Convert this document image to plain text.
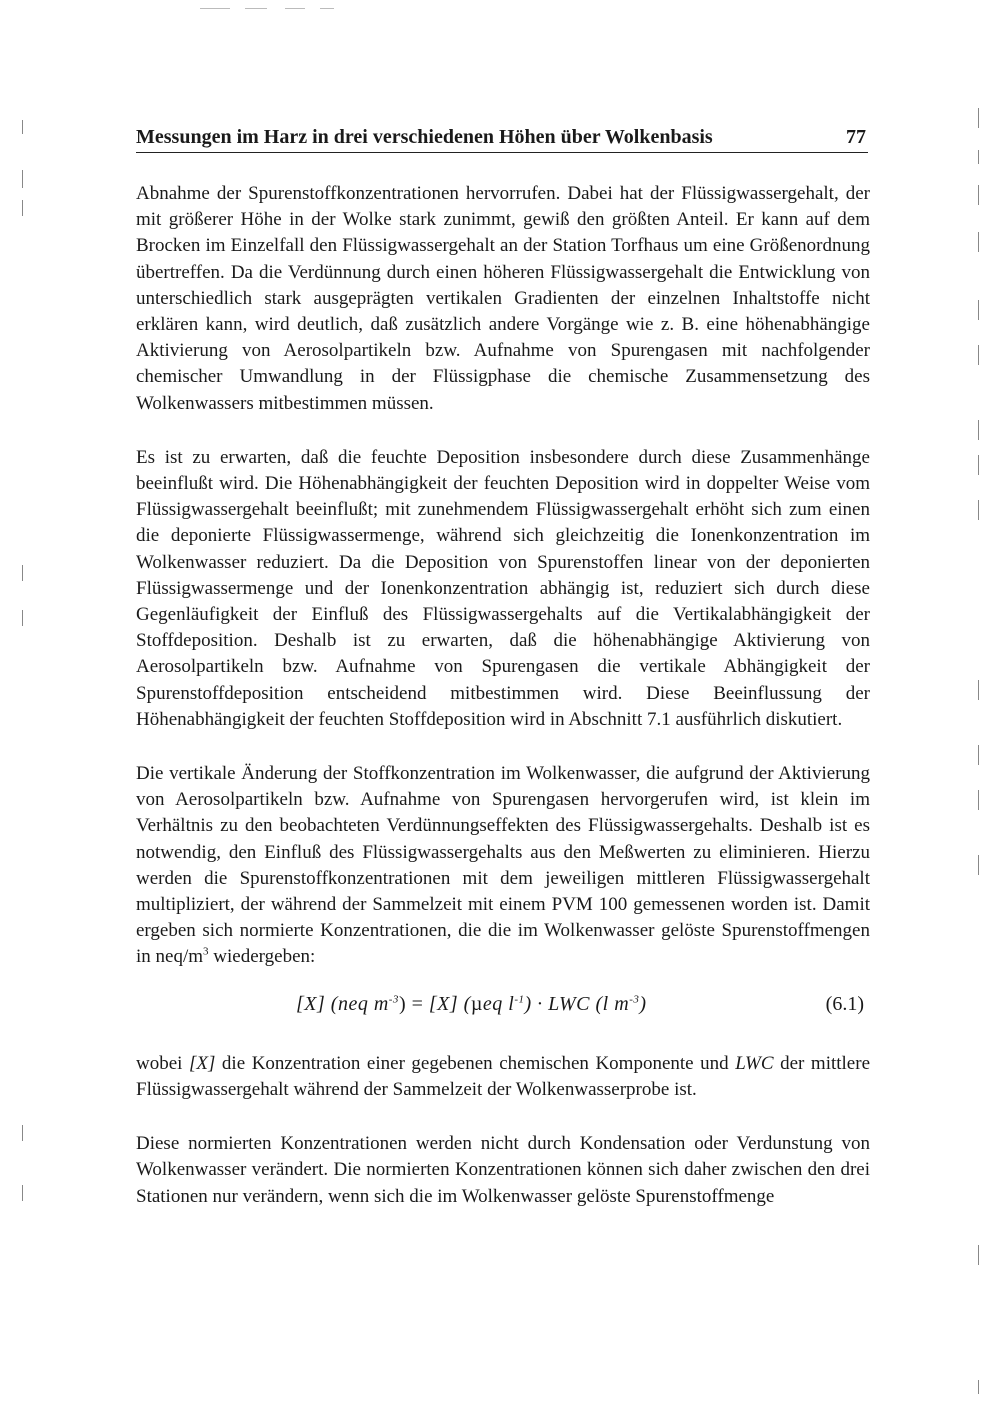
Messungen im Harz in drei verschiedenen Höhen über Wolkenbasis	77

Abnahme der Spurenstoffkonzentrationen hervorrufen. Dabei hat der Flüssigwassergehalt, der mit größerer Höhe in der Wolke stark zunimmt, gewiß den größten Anteil. Er kann auf dem Brocken im Einzelfall den Flüssigwassergehalt an der Station Torfhaus um eine Größenordnung übertreffen. Da die Verdünnung durch einen höheren Flüssigwassergehalt die Entwicklung von unterschiedlich stark ausgeprägten vertikalen Gradienten der einzelnen Inhaltstoffe nicht erklären kann, wird deutlich, daß zusätzlich andere Vorgänge wie z. B. eine höhenabhängige Aktivierung von Aerosolpartikeln bzw. Aufnahme von Spurengasen mit nachfolgender chemischer Umwandlung in der Flüssigphase die chemische Zusammensetzung des Wolkenwassers mitbestimmen müssen.

Es ist zu erwarten, daß die feuchte Deposition insbesondere durch diese Zusammenhänge beeinflußt wird. Die Höhenabhängigkeit der feuchten Deposition wird in doppelter Weise vom Flüssigwassergehalt beeinflußt; mit zunehmendem Flüssigwassergehalt erhöht sich zum einen die deponierte Flüssigwassermenge, während sich gleichzeitig die Ionenkonzentration im Wolkenwasser reduziert. Da die Deposition von Spurenstoffen linear von der deponierten Flüssigwassermenge und der Ionenkonzentration abhängig ist, reduziert sich durch diese Gegenläufigkeit der Einfluß des Flüssigwassergehalts auf die Vertikalabhängigkeit der Stoffdeposition. Deshalb ist zu erwarten, daß die höhenabhängige Aktivierung von Aerosolpartikeln bzw. Aufnahme von Spurengasen die vertikale Abhängigkeit der Spurenstoffdeposition entscheidend mitbestimmen wird. Diese Beeinflussung der Höhenabhängigkeit der feuchten Stoffdeposition wird in Abschnitt 7.1 ausführlich diskutiert.

Die vertikale Änderung der Stoffkonzentration im Wolkenwasser, die aufgrund der Aktivierung von Aerosolpartikeln bzw. Aufnahme von Spurengasen hervorgerufen wird, ist klein im Verhältnis zu den beobachteten Verdünnungseffekten des Flüssigwassergehalts. Deshalb ist es notwendig, den Einfluß des Flüssigwassergehalts aus den Meßwerten zu eliminieren. Hierzu werden die Spurenstoffkonzentrationen mit dem jeweiligen mittleren Flüssigwassergehalt multipliziert, der während der Sammelzeit mit einem PVM 100 gemessenen worden ist. Damit ergeben sich normierte Konzentrationen, die die im Wolkenwasser gelöste Spurenstoffmengen in neq/$m^3$ wiedergeben:

[X] (neq $m^{-3}) = [X]$ (µeq $l^{-1}$) · LWC (l $m^{-3}$)	(6.1)

wobei [X] die Konzentration einer gegebenen chemischen Komponente und LWC der mittlere Flüssigwassergehalt während der Sammelzeit der Wolkenwasserprobe ist.

Diese normierten Konzentrationen werden nicht durch Kondensation oder Verdunstung von Wolkenwasser verändert. Die normierten Konzentrationen können sich daher zwischen den drei Stationen nur verändern, wenn sich die im Wolkenwasser gelöste Spurenstoffmenge
